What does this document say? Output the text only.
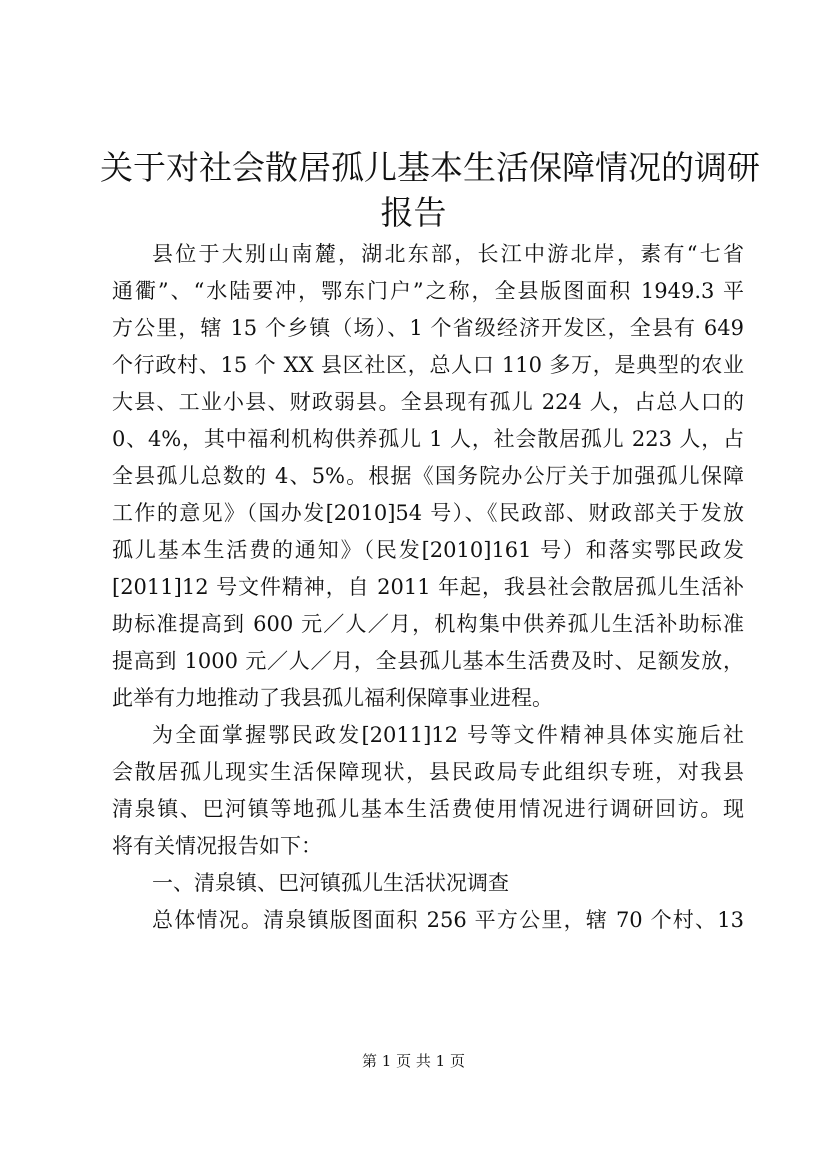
关于对社会散居孤儿基本生活保障情况的调研
报告
县位于大别山南麓，湖北东部，长江中游北岸，素有“七省
通衢”、“水陆要冲，鄂东门户”之称，全县版图面积 1949.3 平
方公里，辖 15 个乡镇（场）、1 个省级经济开发区，全县有 649
个行政村、15 个 XX 县区社区，总人口 110 多万，是典型的农业
大县、工业小县、财政弱县。全县现有孤儿 224 人，占总人口的
0、4%，其中福利机构供养孤儿 1 人，社会散居孤儿 223 人，占
全县孤儿总数的 4、5%。根据《国务院办公厅关于加强孤儿保障
工作的意见》（国办发[2010]54 号）、《民政部、财政部关于发放
孤儿基本生活费的通知》（民发[2010]161 号）和落实鄂民政发
[2011]12 号文件精神，自 2011 年起，我县社会散居孤儿生活补
助标准提高到 600 元／人／月，机构集中供养孤儿生活补助标准
提高到 1000 元／人／月，全县孤儿基本生活费及时、足额发放，
此举有力地推动了我县孤儿福利保障事业进程。
为全面掌握鄂民政发[2011]12 号等文件精神具体实施后社
会散居孤儿现实生活保障现状，县民政局专此组织专班，对我县
清泉镇、巴河镇等地孤儿基本生活费使用情况进行调研回访。现
将有关情况报告如下：
一、清泉镇、巴河镇孤儿生活状况调查
总体情况。清泉镇版图面积 256 平方公里，辖 70 个村、13
第 1 页 共 1 页
